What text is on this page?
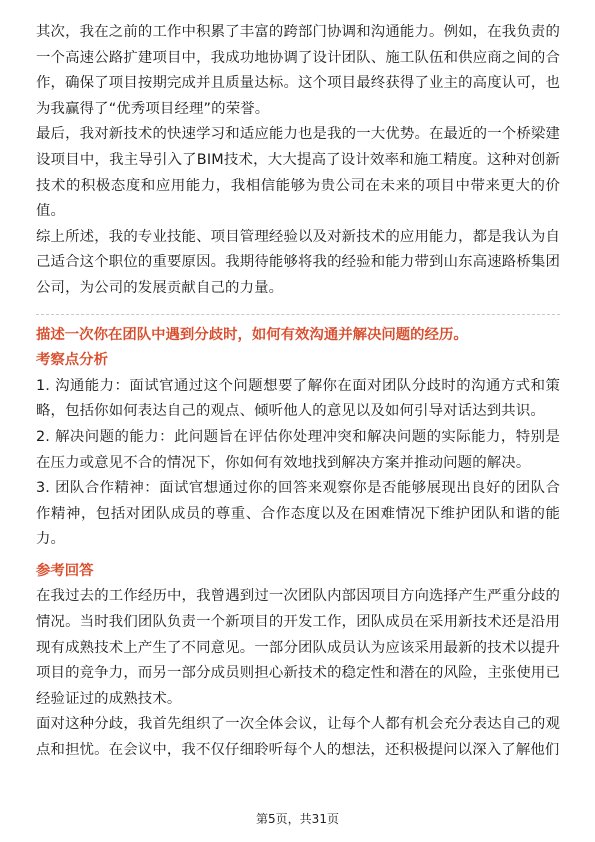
其次，我在之前的工作中积累了丰富的跨部门协调和沟通能力。例如，在我负责的一个高速公路扩建项目中，我成功地协调了设计团队、施工队伍和供应商之间的合作，确保了项目按期完成并且质量达标。这个项目最终获得了业主的高度认可，也为我赢得了“优秀项目经理”的荣誉。

最后，我对新技术的快速学习和适应能力也是我的一大优势。在最近的一个桥梁建设项目中，我主导引入了BIM技术，大大提高了设计效率和施工精度。这种对创新技术的积极态度和应用能力，我相信能够为贵公司在未来的项目中带来更大的价值。

综上所述，我的专业技能、项目管理经验以及对新技术的应用能力，都是我认为自己适合这个职位的重要原因。我期待能够将我的经验和能力带到山东高速路桥集团公司，为公司的发展贡献自己的力量。

描述一次你在团队中遇到分歧时，如何有效沟通并解决问题的经历。

考察点分析

1. 沟通能力：面试官通过这个问题想要了解你在面对团队分歧时的沟通方式和策略，包括你如何表达自己的观点、倾听他人的意见以及如何引导对话达到共识。

2. 解决问题的能力：此问题旨在评估你处理冲突和解决问题的实际能力，特别是在压力或意见不合的情况下，你如何有效地找到解决方案并推动问题的解决。

3. 团队合作精神：面试官想通过你的回答来观察你是否能够展现出良好的团队合作精神，包括对团队成员的尊重、合作态度以及在困难情况下维护团队和谐的能力。

参考回答

在我过去的工作经历中，我曾遇到过一次团队内部因项目方向选择产生严重分歧的情况。当时我们团队负责一个新项目的开发工作，团队成员在采用新技术还是沿用现有成熟技术上产生了不同意见。一部分团队成员认为应该采用最新的技术以提升项目的竞争力，而另一部分成员则担心新技术的稳定性和潜在的风险，主张使用已经验证过的成熟技术。

面对这种分歧，我首先组织了一次全体会议，让每个人都有机会充分表达自己的观点和担忧。在会议中，我不仅仔细聆听每个人的想法，还积极提问以深入了解他们

第5页，共31页
